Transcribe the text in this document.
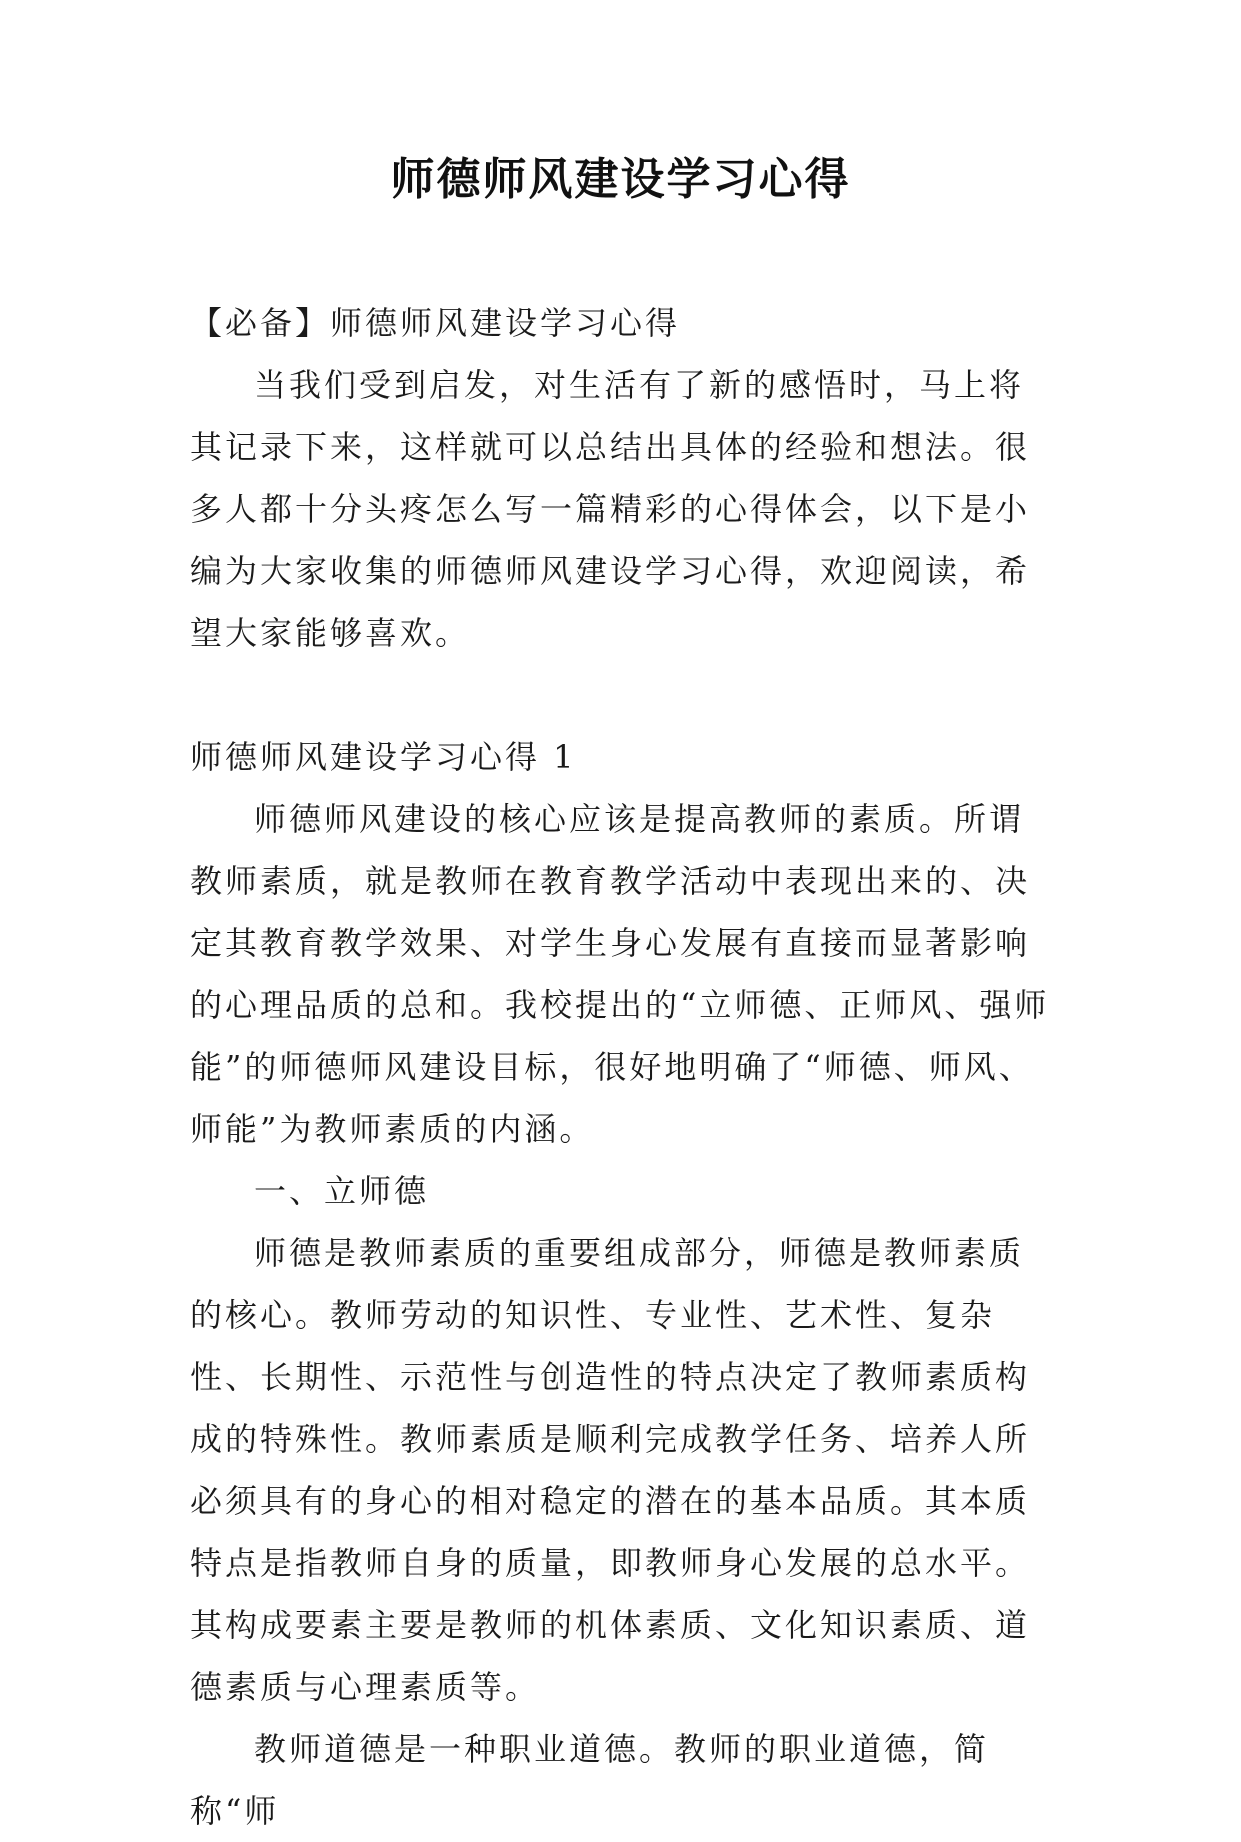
师德师风建设学习心得

【必备】师德师风建设学习心得

当我们受到启发，对生活有了新的感悟时，马上将其记录下来，这样就可以总结出具体的经验和想法。很多人都十分头疼怎么写一篇精彩的心得体会，以下是小编为大家收集的师德师风建设学习心得，欢迎阅读，希望大家能够喜欢。

师德师风建设学习心得 1

师德师风建设的核心应该是提高教师的素质。所谓教师素质，就是教师在教育教学活动中表现出来的、决定其教育教学效果、对学生身心发展有直接而显著影响的心理品质的总和。我校提出的“立师德、正师风、强师能”的师德师风建设目标，很好地明确了“师德、师风、师能”为教师素质的内涵。

一、立师德

师德是教师素质的重要组成部分，师德是教师素质的核心。教师劳动的知识性、专业性、艺术性、复杂性、长期性、示范性与创造性的特点决定了教师素质构成的特殊性。教师素质是顺利完成教学任务、培养人所必须具有的身心的相对稳定的潜在的基本品质。其本质特点是指教师自身的质量，即教师身心发展的总水平。其构成要素主要是教师的机体素质、文化知识素质、道德素质与心理素质等。

教师道德是一种职业道德。教师的职业道德，简称“师
